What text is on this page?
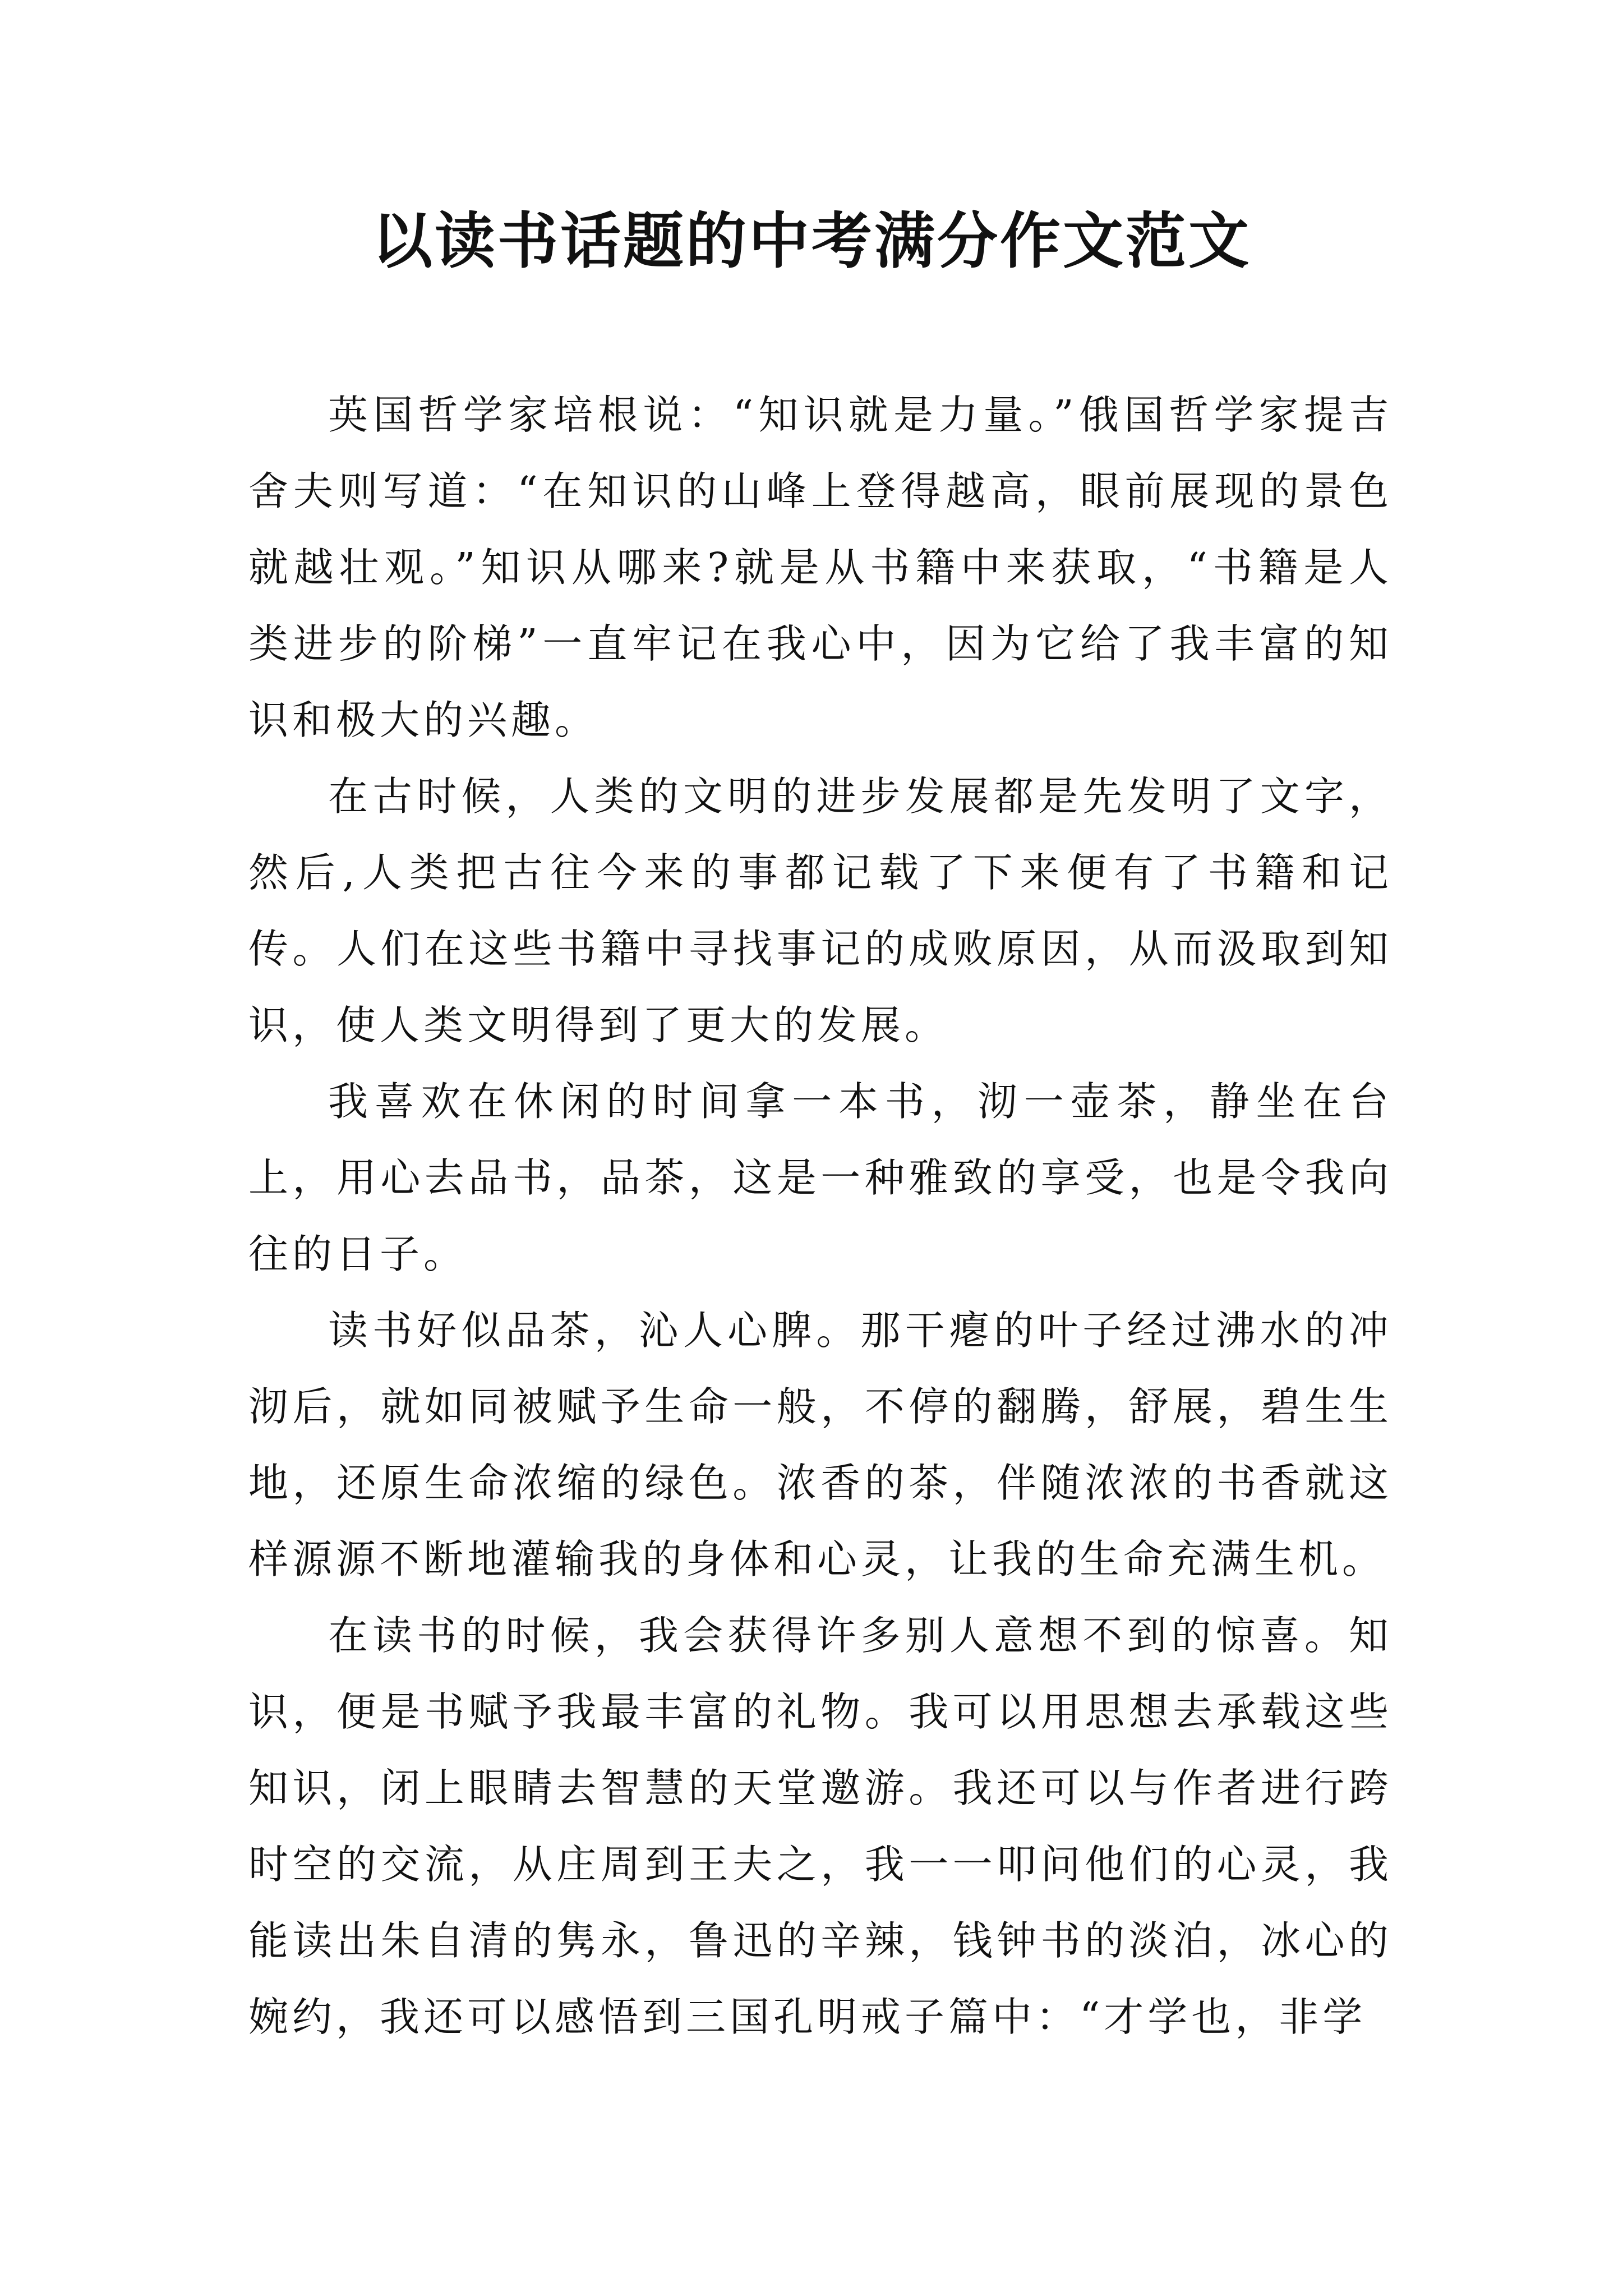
以读书话题的中考满分作文范文

英国哲学家培根说：“知识就是力量。”俄国哲学家提吉舍夫则写道：“在知识的山峰上登得越高，眼前展现的景色就越壮观。”知识从哪来?就是从书籍中来获取，“书籍是人类进步的阶梯”一直牢记在我心中，因为它给了我丰富的知识和极大的兴趣。

在古时候，人类的文明的进步发展都是先发明了文字，然后,人类把古往今来的事都记载了下来便有了书籍和记传。人们在这些书籍中寻找事记的成败原因，从而汲取到知识，使人类文明得到了更大的发展。

我喜欢在休闲的时间拿一本书，沏一壶茶，静坐在台上，用心去品书，品茶，这是一种雅致的享受，也是令我向往的日子。

读书好似品茶，沁人心脾。那干瘪的叶子经过沸水的冲沏后，就如同被赋予生命一般，不停的翻腾，舒展，碧生生地，还原生命浓缩的绿色。浓香的茶，伴随浓浓的书香就这样源源不断地灌输我的身体和心灵，让我的生命充满生机。

在读书的时候，我会获得许多别人意想不到的惊喜。知识，便是书赋予我最丰富的礼物。我可以用思想去承载这些知识，闭上眼睛去智慧的天堂邀游。我还可以与作者进行跨时空的交流，从庄周到王夫之，我一一叩问他们的心灵，我能读出朱自清的隽永，鲁迅的辛辣，钱钟书的淡泊，冰心的婉约，我还可以感悟到三国孔明戒子篇中：“才学也，非学
